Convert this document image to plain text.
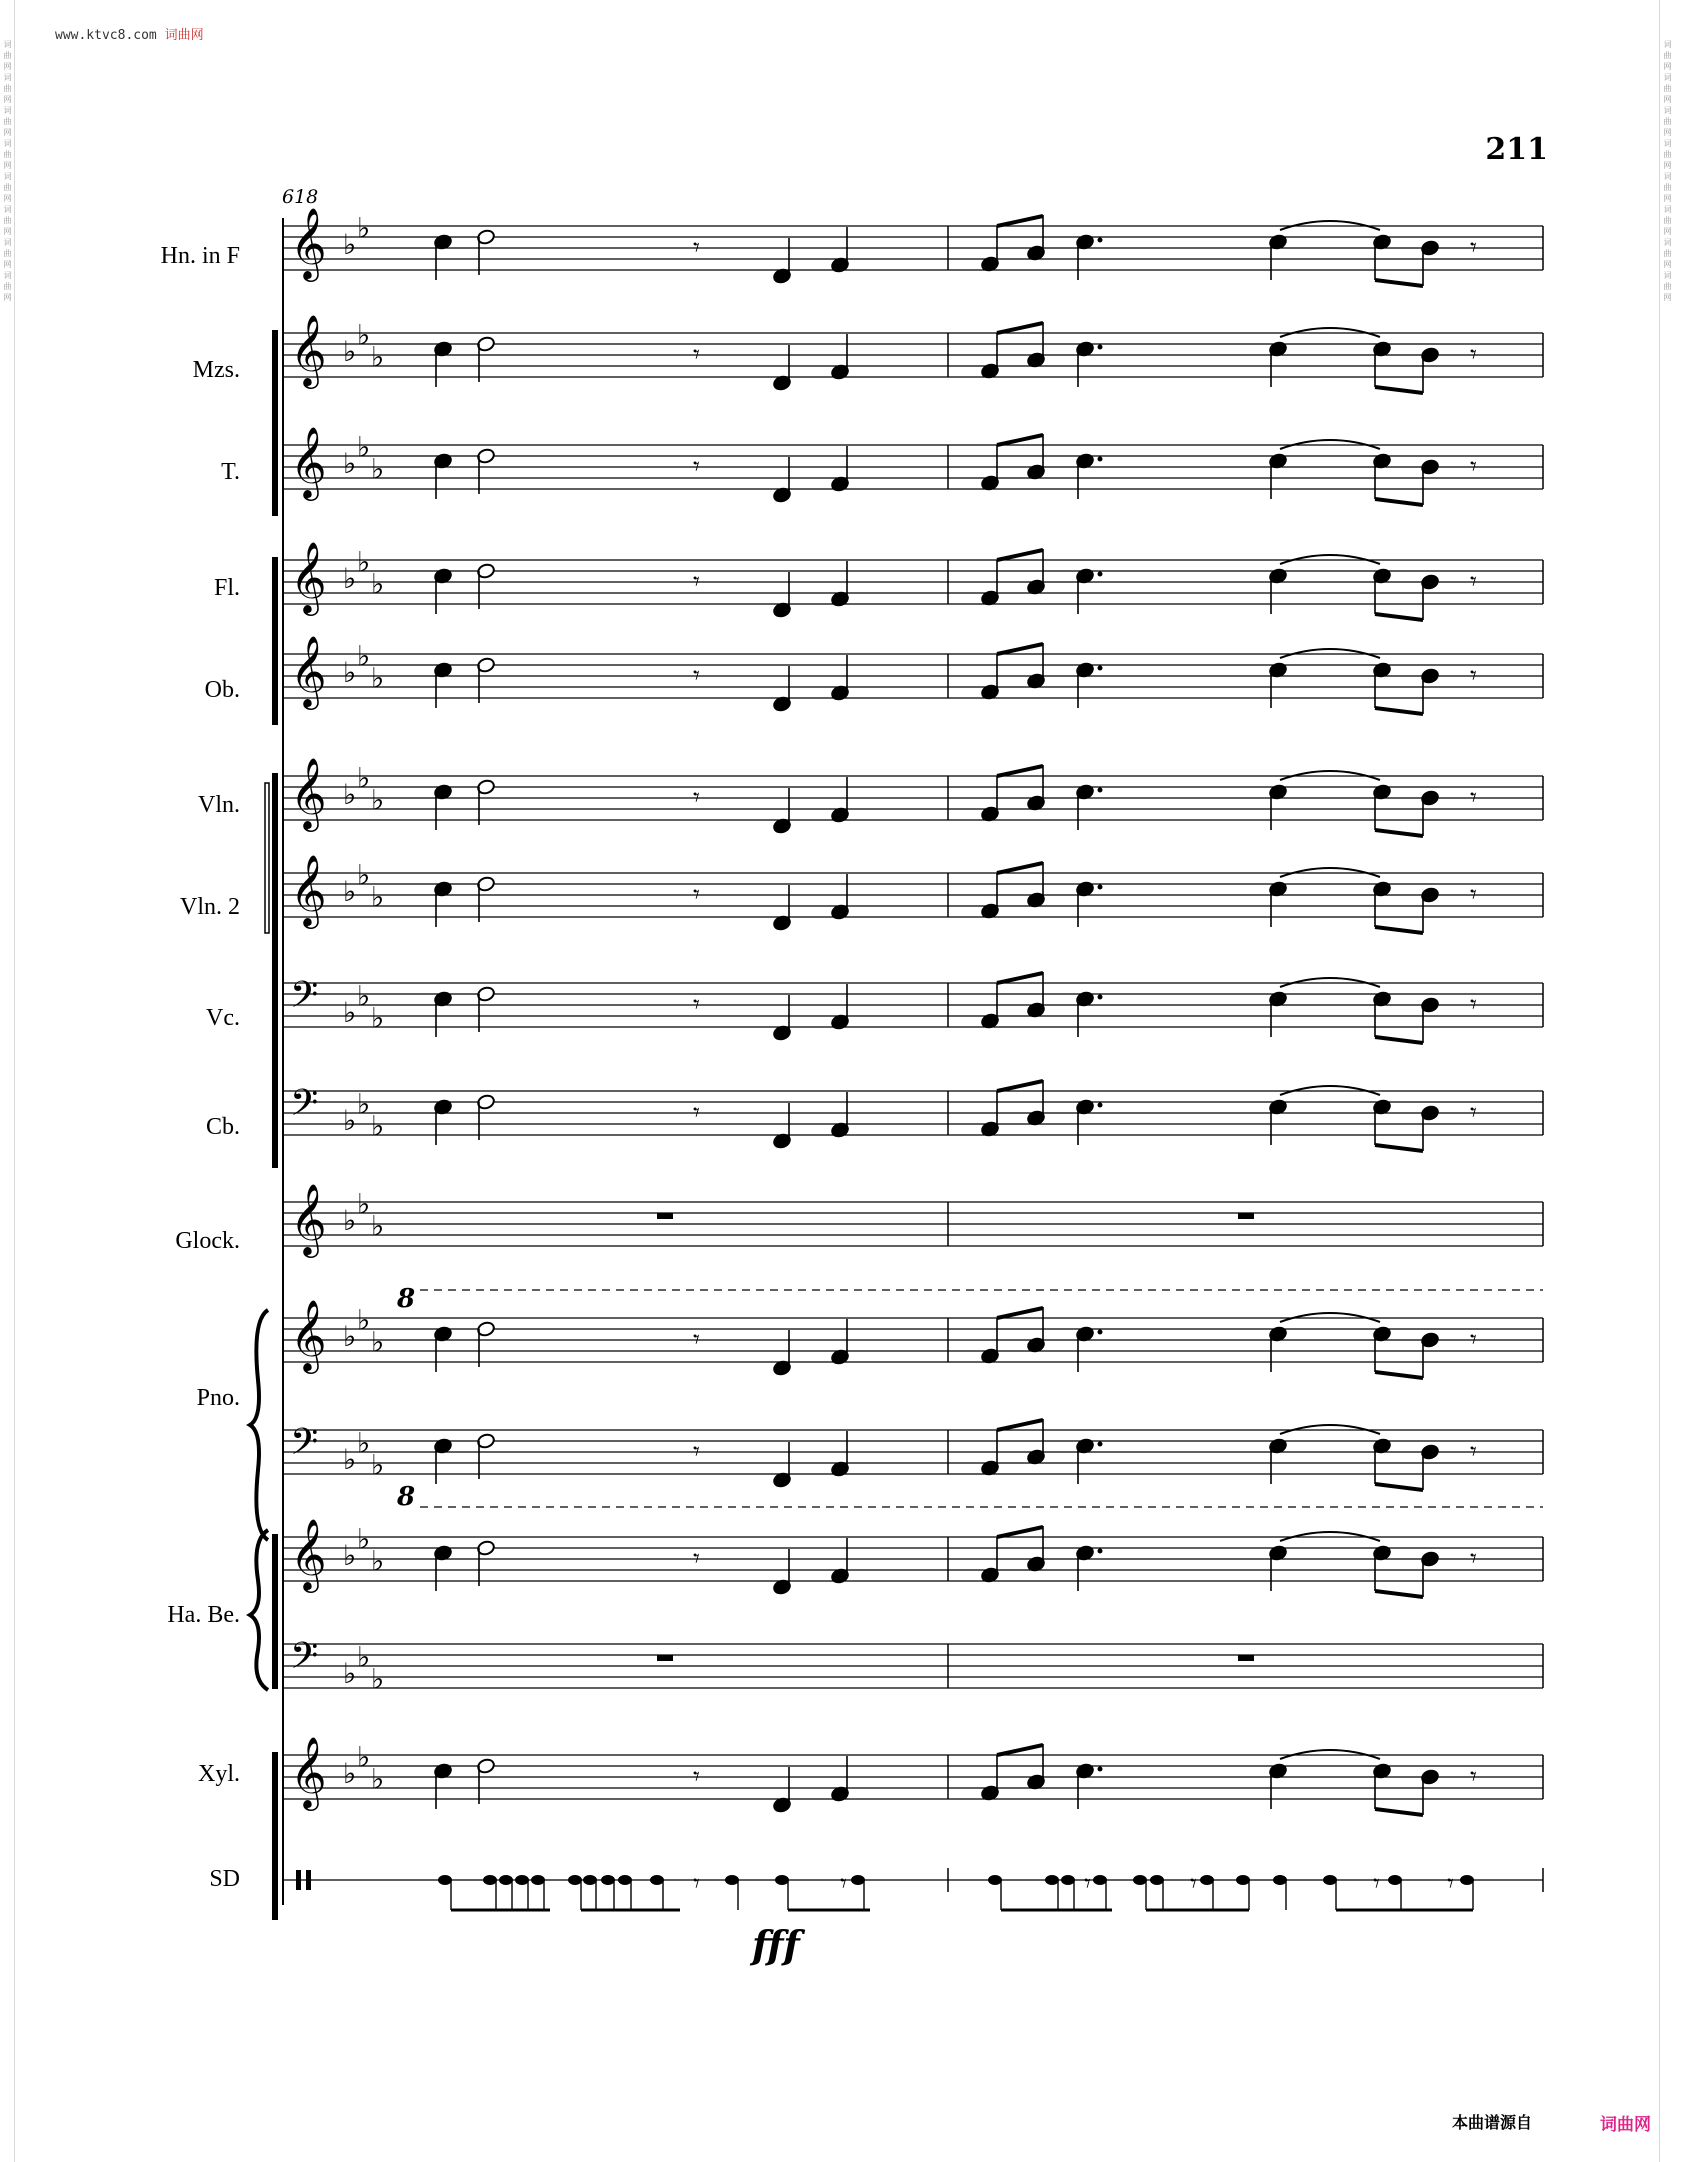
词曲网词曲网词曲网词曲网词曲网词曲网词曲网词曲网	词曲网词曲网词曲网词曲网词曲网词曲网词曲网词曲网
www.ktvc8.com 词曲网
211
618
Hn. in F
Mzs.
T.
Fl.
Ob.
Vln.
Vln. 2
Vc.
Cb.
Glock.
Pno.
Ha. Be.
Xyl.
SD
8
8
fff
𝄞 ♭ ♭
𝄞 ♭ ♭
♭
𝄞 ♭ ♭
♭
𝄞 ♭ ♭
♭
𝄞 ♭ ♭
♭
𝄞 ♭ ♭
♭
𝄞 ♭ ♭
♭
𝄢 ♭ ♭
♭
𝄢 ♭ ♭
♭
𝄞 ♭ ♭
♭
𝄞 ♭ ♭
♭
𝄢 ♭ ♭
♭
𝄞 ♭ ♭
♭
𝄢 ♭ ♭
♭
𝄞 ♭ ♭
♭
𝄾	𝄾
𝄾	𝄾
𝄾	𝄾
𝄾	𝄾
𝄾	𝄾
𝄾	𝄾
𝄾	𝄾
𝄾	𝄾
𝄾	𝄾
𝄾	𝄾
𝄾	𝄾
𝄾	𝄾
𝄾	𝄾
𝄾	𝄾	𝄾	𝄾	𝄾	𝄾
本曲谱源自	词曲网
